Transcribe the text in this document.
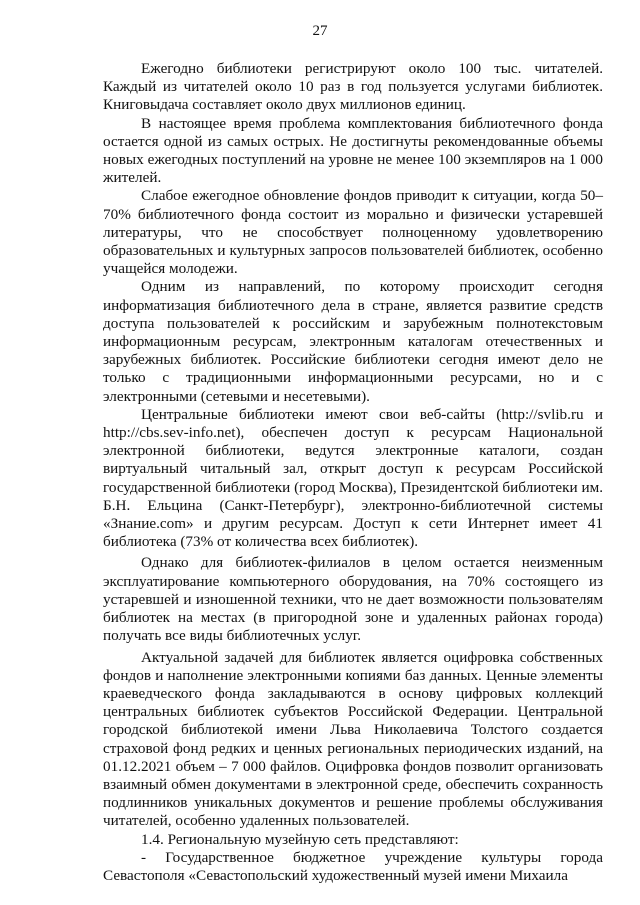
27

Ежегодно библиотеки регистрируют около 100 тыс. читателей. Каждый из читателей около 10 раз в год пользуется услугами библиотек. Книговыдача составляет около двух миллионов единиц.

В настоящее время проблема комплектования библиотечного фонда остается одной из самых острых. Не достигнуты рекомендованные объемы новых ежегодных поступлений на уровне не менее 100 экземпляров на 1 000 жителей.

Слабое ежегодное обновление фондов приводит к ситуации, когда 50–70% библиотечного фонда состоит из морально и физически устаревшей литературы, что не способствует полноценному удовлетворению образовательных и культурных запросов пользователей библиотек, особенно учащейся молодежи.

Одним из направлений, по которому происходит сегодня информатизация библиотечного дела в стране, является развитие средств доступа пользователей к российским и зарубежным полнотекстовым информационным ресурсам, электронным каталогам отечественных и зарубежных библиотек. Российские библиотеки сегодня имеют дело не только с традиционными информационными ресурсами, но и с электронными (сетевыми и несетевыми).

Центральные библиотеки имеют свои веб-сайты (http://svlib.ru и http://cbs.sev-info.net), обеспечен доступ к ресурсам Национальной электронной библиотеки, ведутся электронные каталоги, создан виртуальный читальный зал, открыт доступ к ресурсам Российской государственной библиотеки (город Москва), Президентской библиотеки им. Б.Н. Ельцина (Санкт-Петербург), электронно-библиотечной системы «Знание.com» и другим ресурсам. Доступ к сети Интернет имеет 41 библиотека (73% от количества всех библиотек).

Однако для библиотек-филиалов в целом остается неизменным эксплуатирование компьютерного оборудования, на 70% состоящего из устаревшей и изношенной техники, что не дает возможности пользователям библиотек на местах (в пригородной зоне и удаленных районах города) получать все виды библиотечных услуг.

Актуальной задачей для библиотек является оцифровка собственных фондов и наполнение электронными копиями баз данных. Ценные элементы краеведческого фонда закладываются в основу цифровых коллекций центральных библиотек субъектов Российской Федерации. Центральной городской библиотекой имени Льва Николаевича Толстого создается страховой фонд редких и ценных региональных периодических изданий, на 01.12.2021 объем – 7 000 файлов. Оцифровка фондов позволит организовать взаимный обмен документами в электронной среде, обеспечить сохранность подлинников уникальных документов и решение проблемы обслуживания читателей, особенно удаленных пользователей.

1.4. Региональную музейную сеть представляют:

- Государственное бюджетное учреждение культуры города Севастополя «Севастопольский художественный музей имени Михаила
